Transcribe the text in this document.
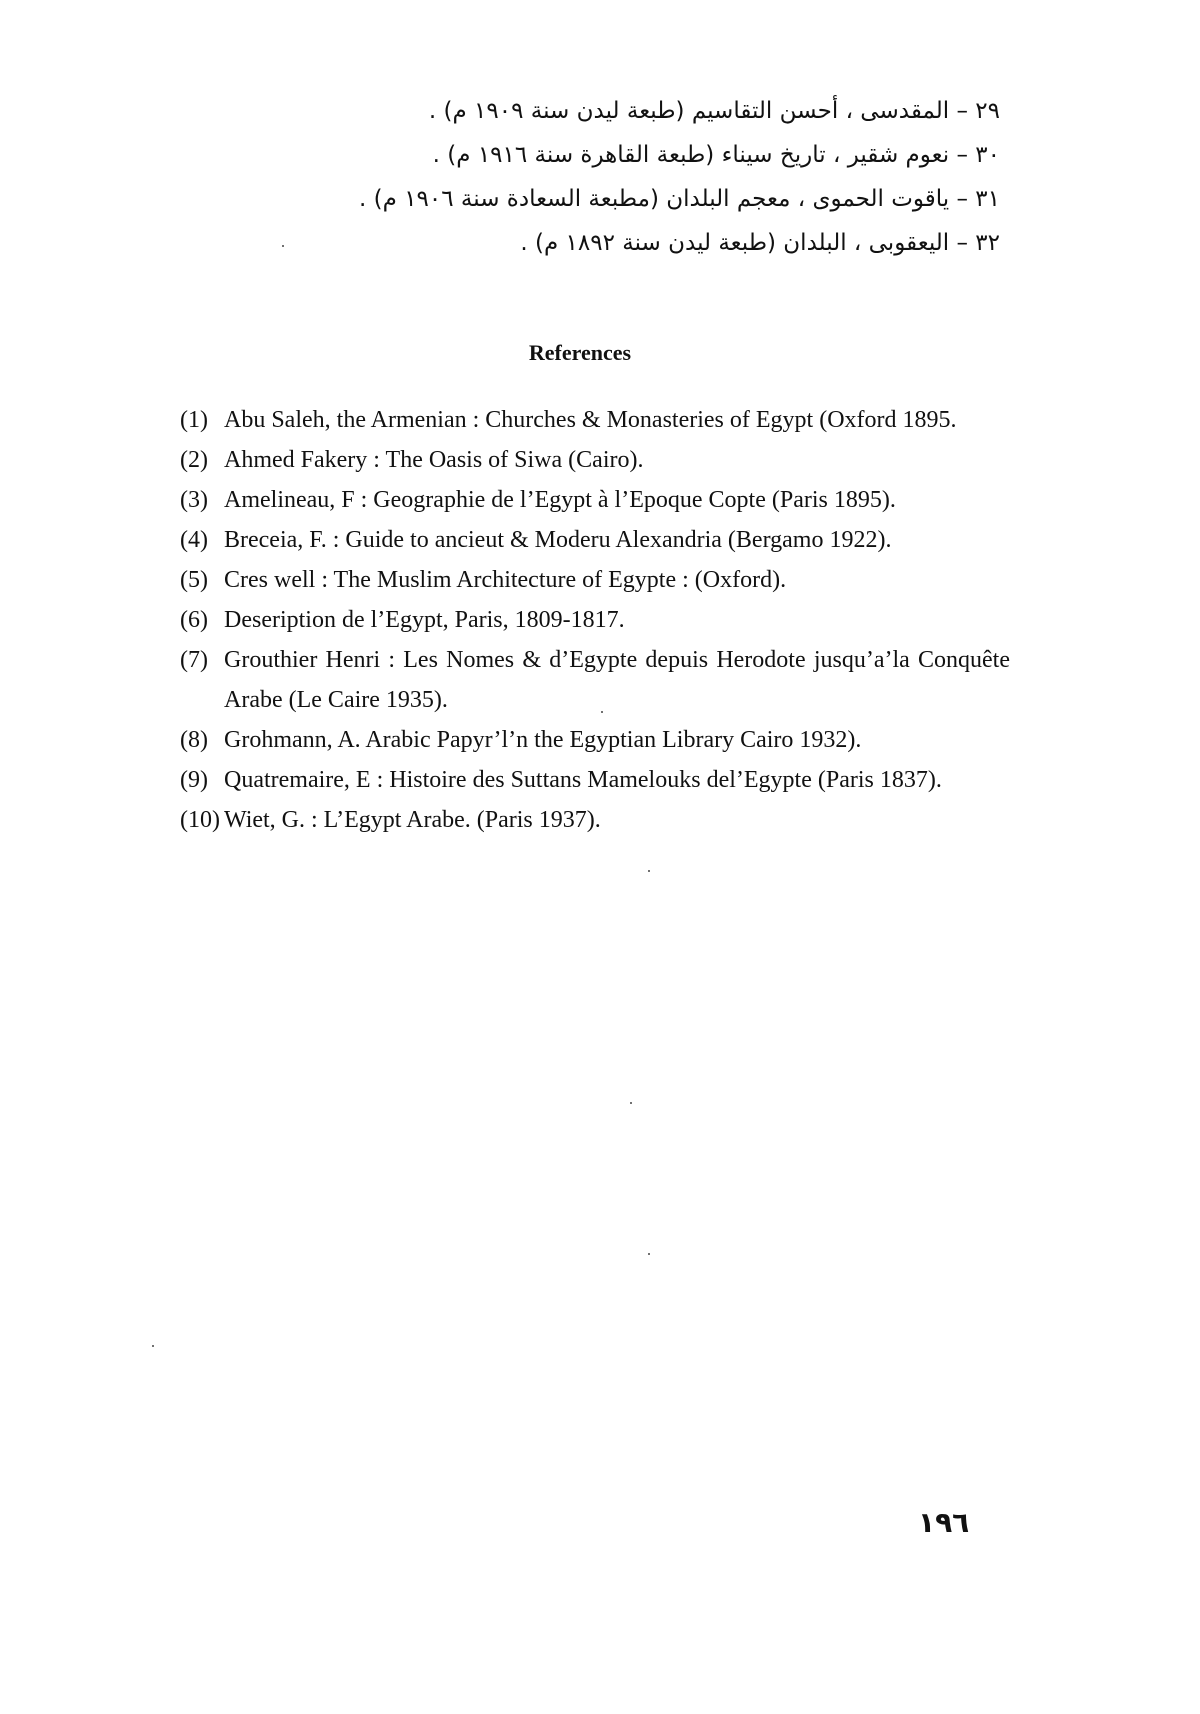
٢٩ – المقدسى ، أحسن التقاسيم (طبعة ليدن سنة ١٩٠٩ م) .
٣٠ – نعوم شقير ، تاريخ سيناء (طبعة القاهرة سنة ١٩١٦ م) .
٣١ – ياقوت الحموى ، معجم البلدان (مطبعة السعادة سنة ١٩٠٦ م) .
٣٢ – اليعقوبى ، البلدان (طبعة ليدن سنة ١٨٩٢ م) .
References
(1) Abu Saleh, the Armenian : Churches & Monasteries of Egypt (Oxford 1895.
(2) Ahmed Fakery : The Oasis of Siwa (Cairo).
(3) Amelineau, F : Geographie de l’Egypt à l’Epoque Copte (Paris 1895).
(4) Breceia, F. : Guide to ancieut & Moderu Alexandria (Bergamo 1922).
(5) Cres well : The Muslim Architecture of Egypte : (Oxford).
(6) Deseription de l’Egypt, Paris, 1809-1817.
(7) Grouthier Henri : Les Nomes & d’Egypte depuis Herodote jusqu’a’la Conquête Arabe (Le Caire 1935).
(8) Grohmann, A. Arabic Papyr’l’n the Egyptian Library Cairo 1932).
(9) Quatremaire, E : Histoire des Suttans Mamelouks del’Egypte (Paris 1837).
(10) Wiet, G. : L’Egypt Arabe. (Paris 1937).
١٩٦
